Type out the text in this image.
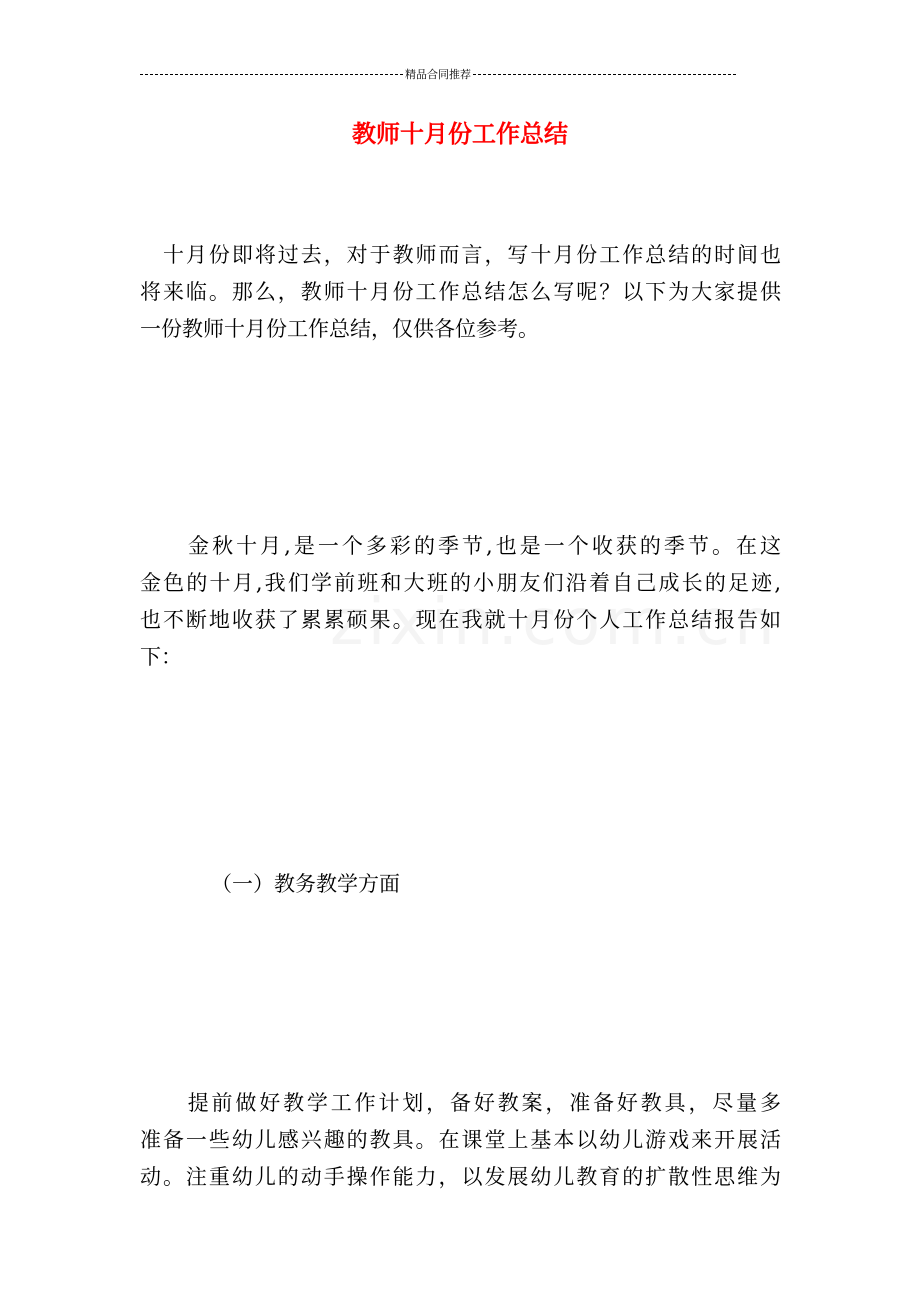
精品合同推荐
教师十月份工作总结

　十月份即将过去，对于教师而言，写十月份工作总结的时间也
将来临。那么，教师十月份工作总结怎么写呢？以下为大家提供
一份教师十月份工作总结，仅供各位参考。

　　金秋十月,是一个多彩的季节,也是一个收获的季节。在这
金色的十月,我们学前班和大班的小朋友们沿着自己成长的足迹,
也不断地收获了累累硕果。现在我就十月份个人工作总结报告如
下：

（一）教务教学方面

　　提前做好教学工作计划，备好教案，准备好教具，尽量多
准备一些幼儿感兴趣的教具。在课堂上基本以幼儿游戏来开展活
动。注重幼儿的动手操作能力，以发展幼儿教育的扩散性思维为
